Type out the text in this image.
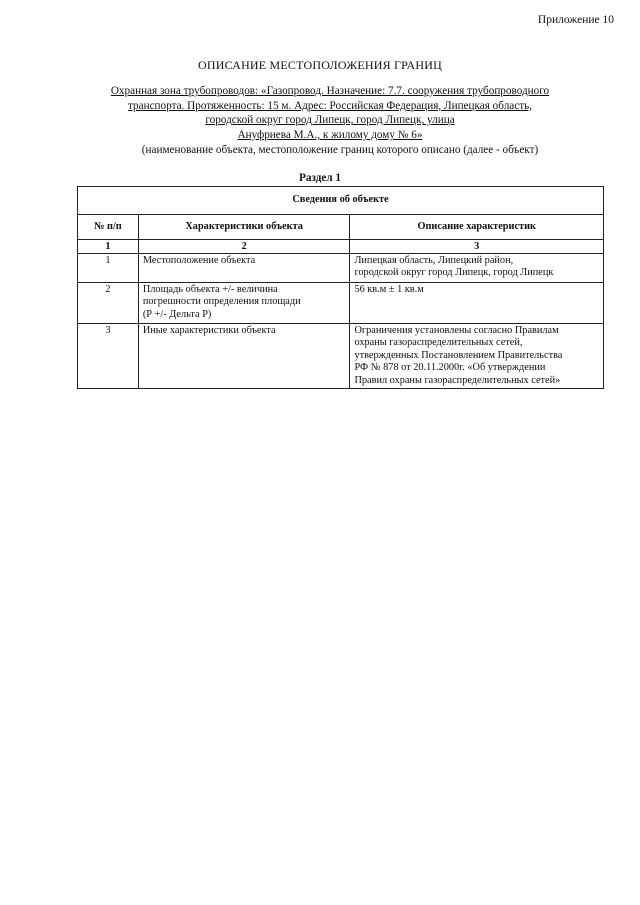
Приложение 10
ОПИСАНИЕ МЕСТОПОЛОЖЕНИЯ ГРАНИЦ
Охранная зона трубопроводов: «Газопровод. Назначение: 7.7. сооружения трубопроводного
транспорта. Протяженность: 15 м. Адрес: Российская Федерация, Липецкая область,
городской округ город Липецк, город Липецк, улица
Ануфриева М.А., к жилому дому № 6»
(наименование объекта, местоположение границ которого описано (далее - объект)
Раздел 1
Сведения об объекте		
№ п/п	Характеристики объекта	Описание характеристик
1	2	3
1	Местоположение объекта	Липецкая область, Липецкий район,
городской округ город Липецк, город Липецк

2	Площадь объекта +/- величина
погрешности определения площади
(Р +/- Дельта Р)	56 кв.м ± 1 кв.м

3	Иные характеристики объекта	Ограничения установлены согласно Правилам
охраны газораспределительных сетей,
утвержденных Постановлением Правительства
РФ № 878 от 20.11.2000г. «Об утверждении
Правил охраны газораспределительных сетей»
